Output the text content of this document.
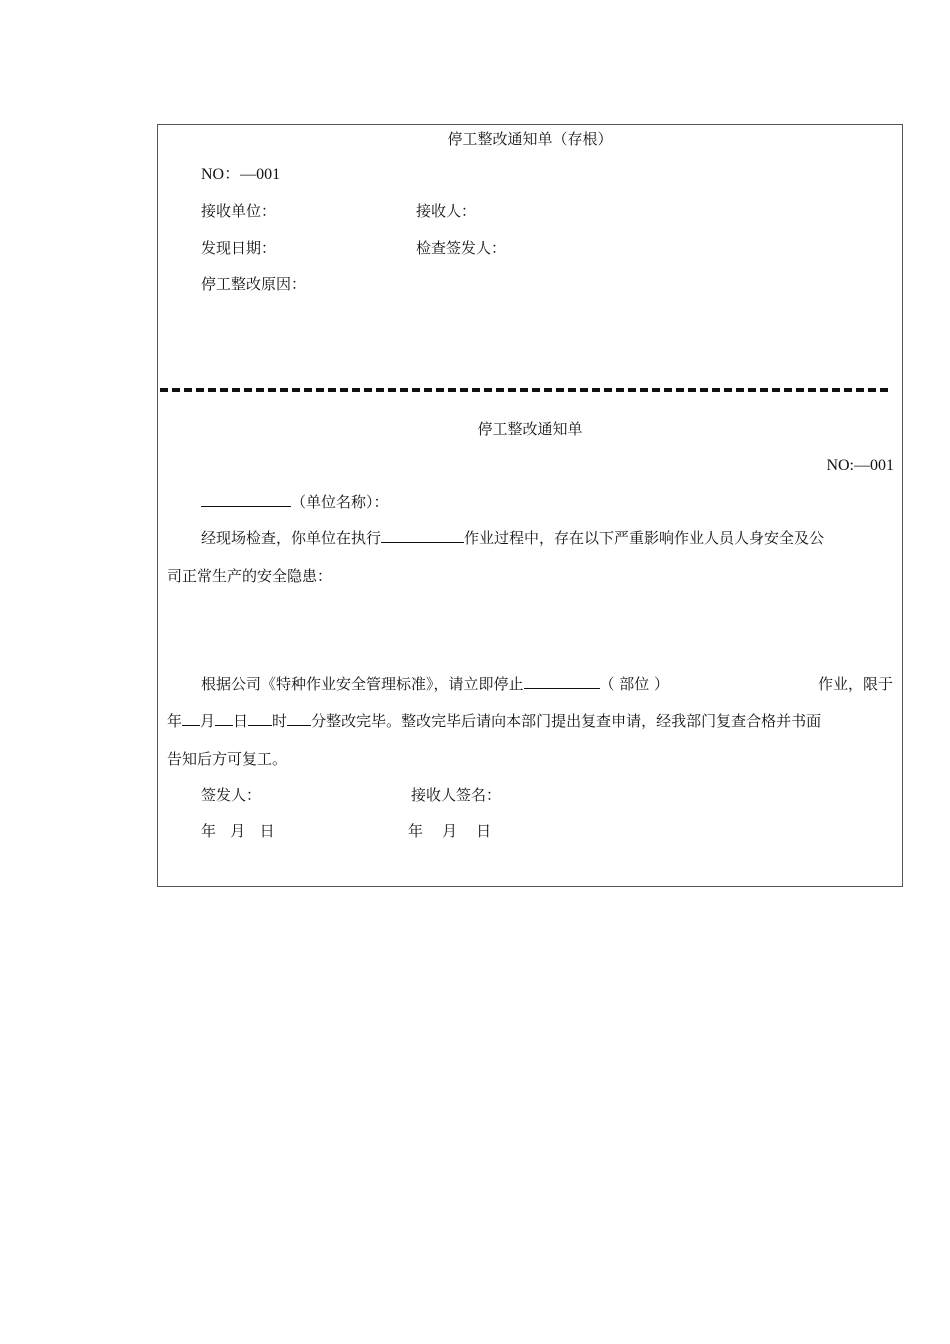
停工整改通知单（存根）
NO：—001
接收单位：	接收人：
发现日期：	检查签发人：
停工整改原因：
停工整改通知单
NO:—001
（单位名称）：
经现场检查，你单位在执行	作业过程中，存在以下严重影响作业人员人身安全及公
司正常生产的安全隐患：
根据公司《特种作业安全管理标准》，请立即停止	（ 部位 ）	作业，限于
年 月 日 时 分整改完毕。整改完毕后请向本部门提出复查申请，经我部门复查合格并书面
告知后方可复工。
签发人：	接收人签名：
年   月   日	年    月    日
